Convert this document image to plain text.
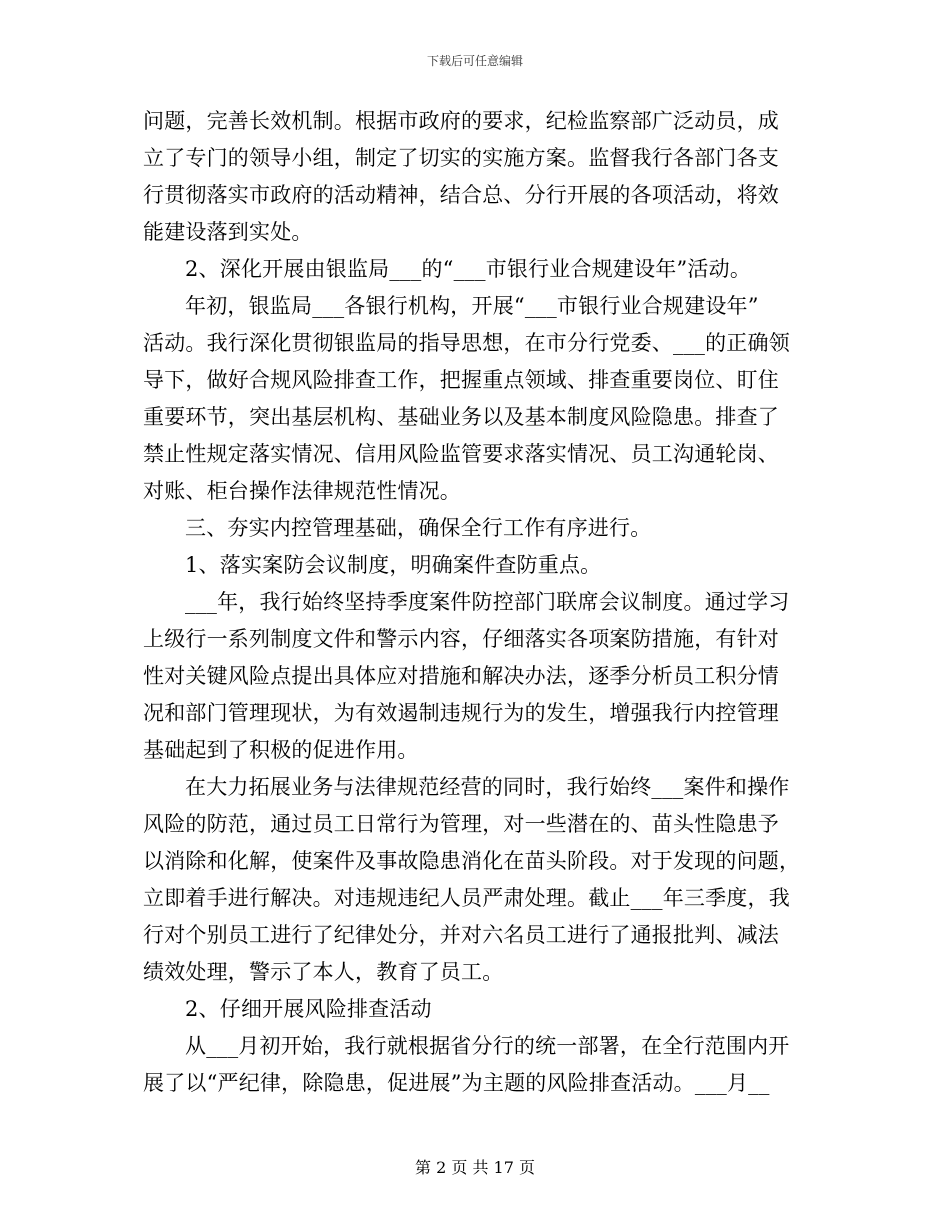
下载后可任意编辑
问题，完善长效机制。根据市政府的要求，纪检监察部广泛动员，成
立了专门的领导小组，制定了切实的实施方案。监督我行各部门各支
行贯彻落实市政府的活动精神，结合总、分行开展的各项活动，将效
能建设落到实处。
2、深化开展由银监局___的“___市银行业合规建设年”活动。
年初，银监局___各银行机构，开展“___市银行业合规建设年”
活动。我行深化贯彻银监局的指导思想，在市分行党委、___的正确领
导下，做好合规风险排查工作，把握重点领域、排查重要岗位、盯住
重要环节，突出基层机构、基础业务以及基本制度风险隐患。排查了
禁止性规定落实情况、信用风险监管要求落实情况、员工沟通轮岗、
对账、柜台操作法律规范性情况。
三、夯实内控管理基础，确保全行工作有序进行。
1、落实案防会议制度，明确案件查防重点。
___年，我行始终坚持季度案件防控部门联席会议制度。通过学习
上级行一系列制度文件和警示内容，仔细落实各项案防措施，有针对
性对关键风险点提出具体应对措施和解决办法，逐季分析员工积分情
况和部门管理现状，为有效遏制违规行为的发生，增强我行内控管理
基础起到了积极的促进作用。
在大力拓展业务与法律规范经营的同时，我行始终___案件和操作
风险的防范，通过员工日常行为管理，对一些潜在的、苗头性隐患予
以消除和化解，使案件及事故隐患消化在苗头阶段。对于发现的问题，
立即着手进行解决。对违规违纪人员严肃处理。截止___年三季度，我
行对个别员工进行了纪律处分，并对六名员工进行了通报批判、减法
绩效处理，警示了本人，教育了员工。
2、仔细开展风险排查活动
从___月初开始，我行就根据省分行的统一部署，在全行范围内开
展了以“严纪律，除隐患，促进展”为主题的风险排查活动。___月__
第 2 页 共 17 页
